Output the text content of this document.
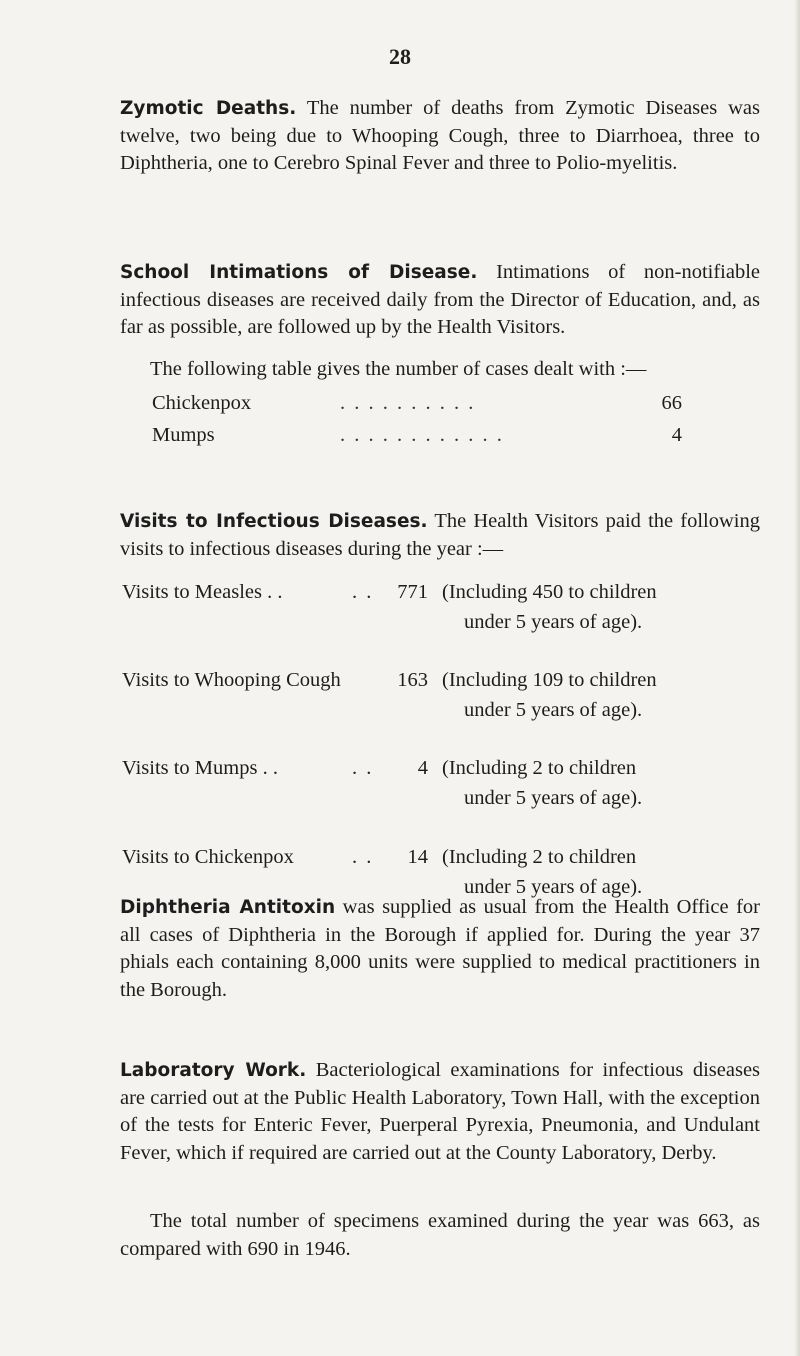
28

Zymotic Deaths. The number of deaths from Zymotic Diseases was twelve, two being due to Whooping Cough, three to Diarrhoea, three to Diphtheria, one to Cerebro Spinal Fever and three to Polio-myelitis.

School Intimations of Disease. Intimations of non-notifiable infectious diseases are received daily from the Director of Education, and, as far as possible, are followed up by the Health Visitors.

The following table gives the number of cases dealt with :—

Chickenpox	. . . . . . . . . .	66
Mumps	. . . . . . . . . . . .	4

Visits to Infectious Diseases. The Health Visitors paid the following visits to infectious diseases during the year :—

Visits to Measles . .	. . 771 (Including 450 to children
under 5 years of age).
Visits to Whooping Cough	163 (Including 109 to children
under 5 years of age).
Visits to Mumps . .	. .	4 (Including 2 to children
under 5 years of age).
Visits to Chickenpox	. .	14 (Including 2 to children
under 5 years of age).

Diphtheria Antitoxin was supplied as usual from the Health Office for all cases of Diphtheria in the Borough if applied for. During the year 37 phials each containing 8,000 units were supplied to medical practitioners in the Borough.

Laboratory Work. Bacteriological examinations for infectious diseases are carried out at the Public Health Laboratory, Town Hall, with the exception of the tests for Enteric Fever, Puerperal Pyrexia, Pneumonia, and Undulant Fever, which if required are carried out at the County Laboratory, Derby.

The total number of specimens examined during the year was 663, as compared with 690 in 1946.
